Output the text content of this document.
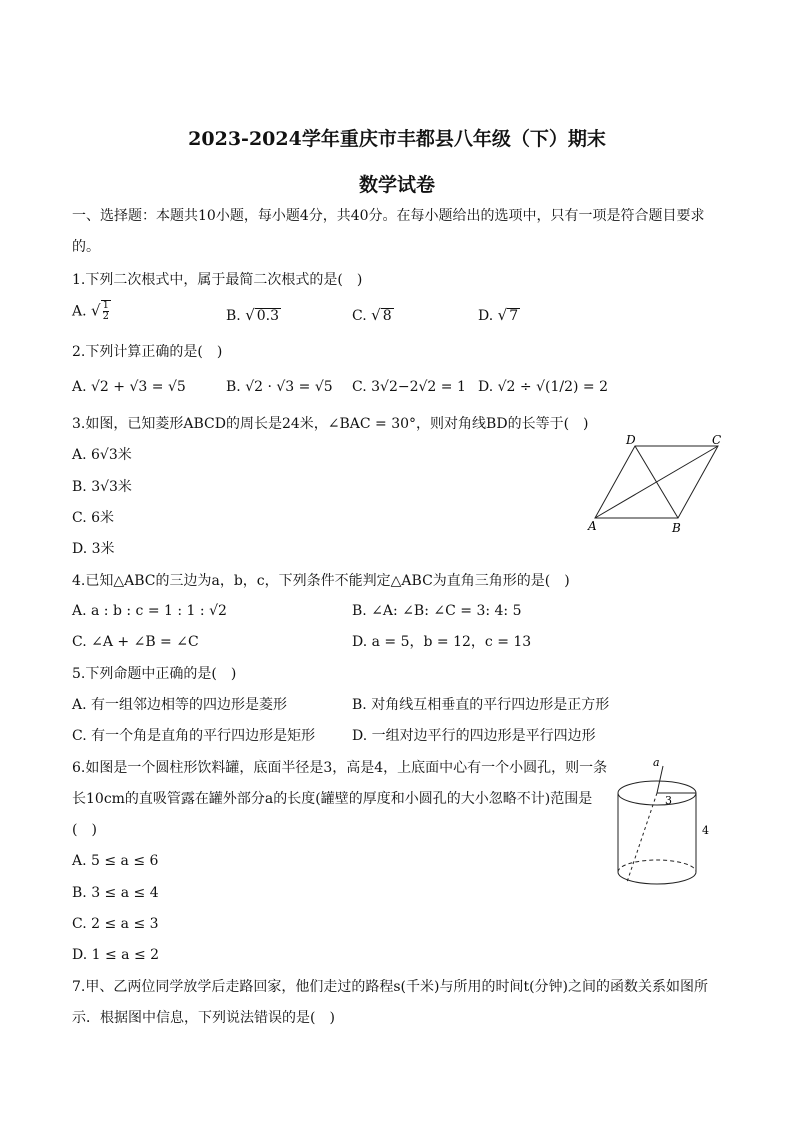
2023-2024学年重庆市丰都县八年级（下）期末
数学试卷
一、选择题：本题共10小题，每小题4分，共40分。在每小题给出的选项中，只有一项是符合题目要求
的。
1.下列二次根式中，属于最简二次根式的是(　)
A. √ $\frac{1}{2}$	B. √ 0.3	C. √ 8	D. √ 7
2.下列计算正确的是(　)
A. √2 + √3 = √5	B. √2 · √3 = √5 C. 3√2−2√2 = 1 D. √2 ÷ √(1/2) = 2
3.如图，已知菱形ABCD的周长是24米，∠BAC = 30°，则对角线BD的长等于(　)
A. 6√3米
B. 3√3米
C. 6米
D. 3米
D	C
A	B
4.已知△ABC的三边为a，b，c，下列条件不能判定△ABC为直角三角形的是(　)
A. a : b : c = 1 : 1 : √2	B. ∠A: ∠B: ∠C = 3: 4: 5
C. ∠A + ∠B = ∠C	D. a = 5，b = 12，c = 13
5.下列命题中正确的是(　)
A. 有一组邻边相等的四边形是菱形	B. 对角线互相垂直的平行四边形是正方形
C. 有一个角是直角的平行四边形是矩形	D. 一组对边平行的四边形是平行四边形
6.如图是一个圆柱形饮料罐，底面半径是3，高是4，上底面中心有一个小圆孔，则一条
长10cm的直吸管露在罐外部分a的长度(罐壁的厚度和小圆孔的大小忽略不计)范围是
(　)
A. 5 ≤ a ≤ 6
B. 3 ≤ a ≤ 4
C. 2 ≤ a ≤ 3
D. 1 ≤ a ≤ 2
a
3
4
7.甲、乙两位同学放学后走路回家，他们走过的路程s(千米)与所用的时间t(分钟)之间的函数关系如图所
示．根据图中信息，下列说法错误的是(　)
